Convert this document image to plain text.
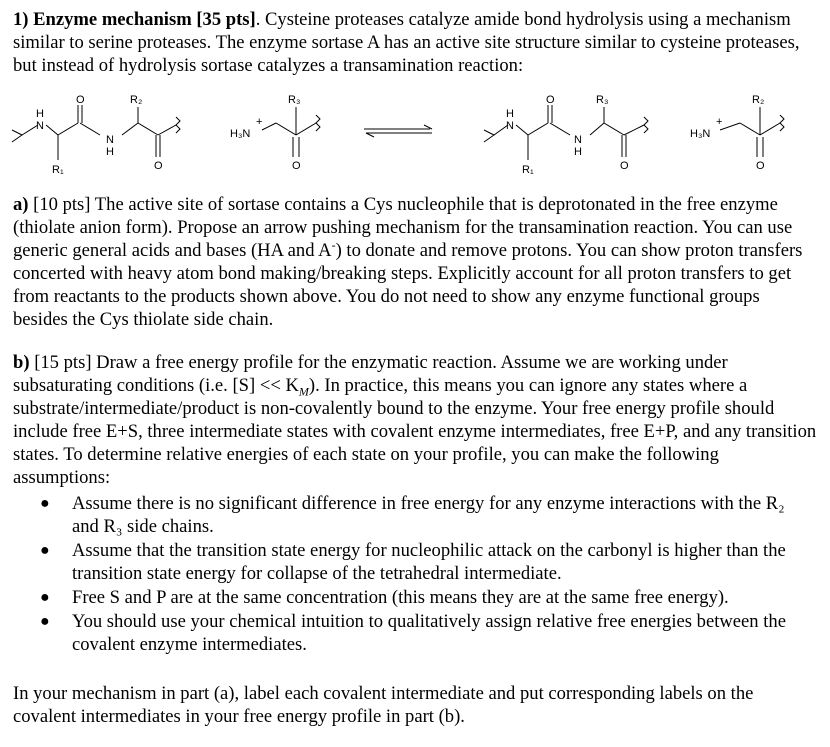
1) Enzyme mechanism [35 pts]. Cysteine proteases catalyze amide bond hydrolysis using a mechanism similar to serine proteases. The enzyme sortase A has an active site structure similar to cysteine proteases, but instead of hydrolysis sortase catalyzes a transamination reaction:

H
N
R₁
O
N
H
R₂
O
H₃N
+
R₃
O
H
N
R₁
O
N
H
R₃
O
H₃N
+
R₂
O

a) [10 pts] The active site of sortase contains a Cys nucleophile that is deprotonated in the free enzyme (thiolate anion form). Propose an arrow pushing mechanism for the transamination reaction. You can use generic general acids and bases (HA and A-) to donate and remove protons. You can show proton transfers concerted with heavy atom bond making/breaking steps. Explicitly account for all proton transfers to get from reactants to the products shown above. You do not need to show any enzyme functional groups besides the Cys thiolate side chain.

b) [15 pts] Draw a free energy profile for the enzymatic reaction. Assume we are working under subsaturating conditions (i.e. $[S] << K_M$). In practice, this means you can ignore any states where a substrate/intermediate/product is non-covalently bound to the enzyme. Your free energy profile should include free E+S, three intermediate states with covalent enzyme intermediates, free E+P, and any transition states. To determine relative energies of each state on your profile, you can make the following assumptions:

● Assume there is no significant difference in free energy for any enzyme interactions with the R₂ and R₃ side chains.
● Assume that the transition state energy for nucleophilic attack on the carbonyl is higher than the transition state energy for collapse of the tetrahedral intermediate.
● Free S and P are at the same concentration (this means they are at the same free energy).
● You should use your chemical intuition to qualitatively assign relative free energies between the covalent enzyme intermediates.

In your mechanism in part (a), label each covalent intermediate and put corresponding labels on the covalent intermediates in your free energy profile in part (b).
